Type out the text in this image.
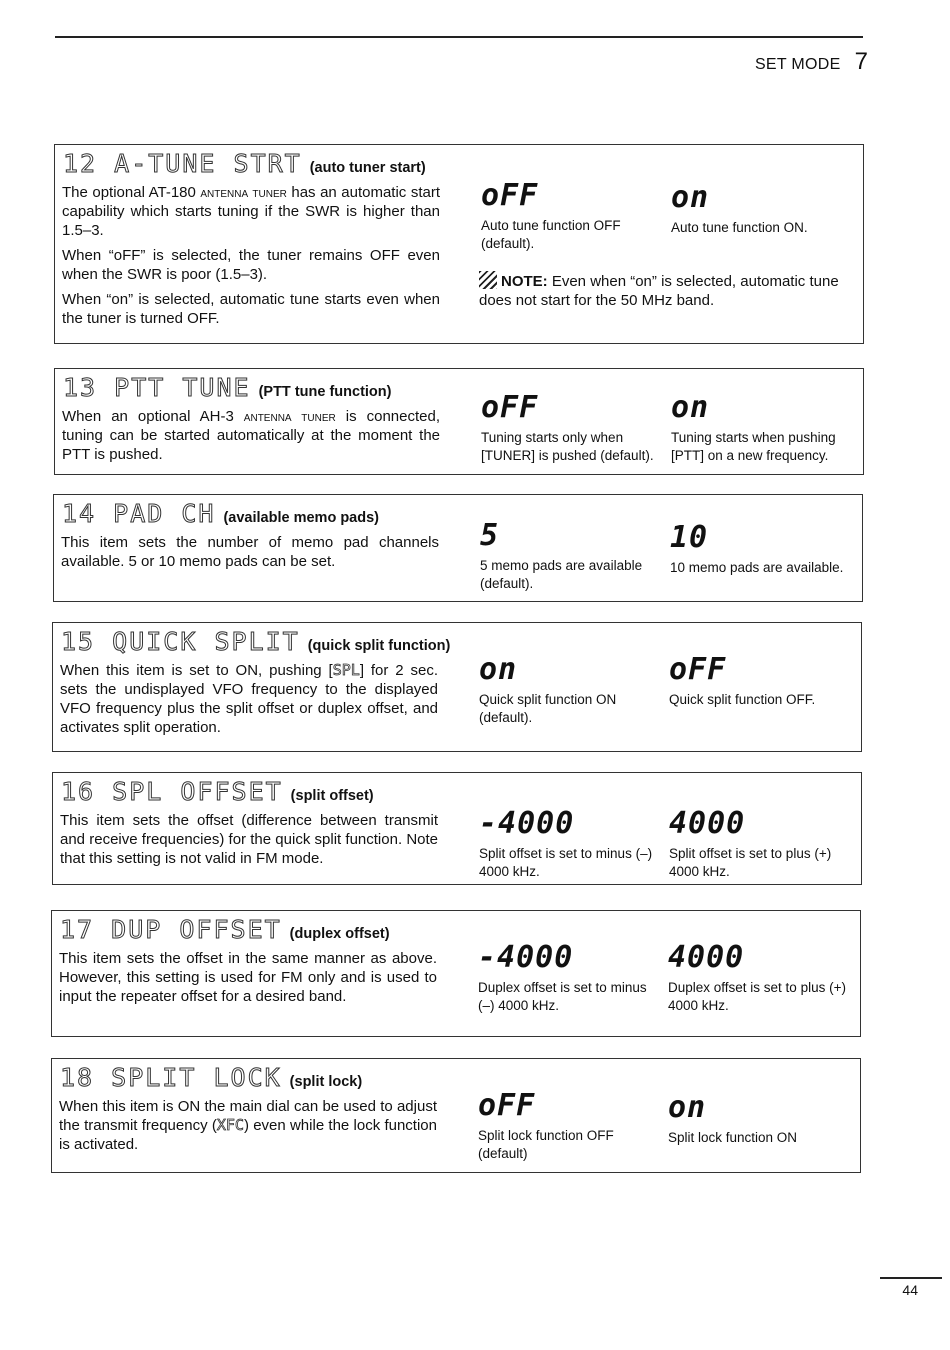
SET MODE 7
12 A-TUNE STRT (auto tuner start)

The optional AT-180 antenna tuner has an automatic start capability which starts tuning if the SWR is higher than 1.5–3.

When “oFF” is selected, the tuner remains OFF even when the SWR is poor (1.5–3).

When “on” is selected, automatic tune starts even when the tuner is turned OFF.

oFF
Auto tune function OFF (default).
on
Auto tune function ON.
NOTE: Even when “on” is selected, automatic tune does not start for the 50 MHz band.
13 PTT TUNE (PTT tune function)

When an optional AH-3 antenna tuner is connected, tuning can be started automatically at the moment the PTT is pushed.

oFF
Tuning starts only when [TUNER] is pushed (default).
on
Tuning starts when pushing [PTT] on a new frequency.
14 PAD CH (available memo pads)

This item sets the number of memo pad channels available. 5 or 10 memo pads can be set.

5
5 memo pads are available (default).
10
10 memo pads are available.
15 QUICK SPLIT (quick split function)

When this item is set to ON, pushing [SPL] for 2 sec. sets the undisplayed VFO frequency to the displayed VFO frequency plus the split offset or duplex offset, and activates split operation.

on
Quick split function ON (default).
oFF
Quick split function OFF.
16 SPL OFFSET (split offset)

This item sets the offset (difference between transmit and receive frequencies) for the quick split function. Note that this setting is not valid in FM mode.

-4000
Split offset is set to minus (–) 4000 kHz.
4000
Split offset is set to plus (+) 4000 kHz.
17 DUP OFFSET (duplex offset)

This item sets the offset in the same manner as above. However, this setting is used for FM only and is used to input the repeater offset for a desired band.

-4000
Duplex offset is set to minus (–) 4000 kHz.
4000
Duplex offset is set to plus (+) 4000 kHz.
18 SPLIT LOCK (split lock)

When this item is ON the main dial can be used to adjust the transmit frequency (XFC) even while the lock function is activated.

oFF
Split lock function OFF (default)
on
Split lock function ON
44
